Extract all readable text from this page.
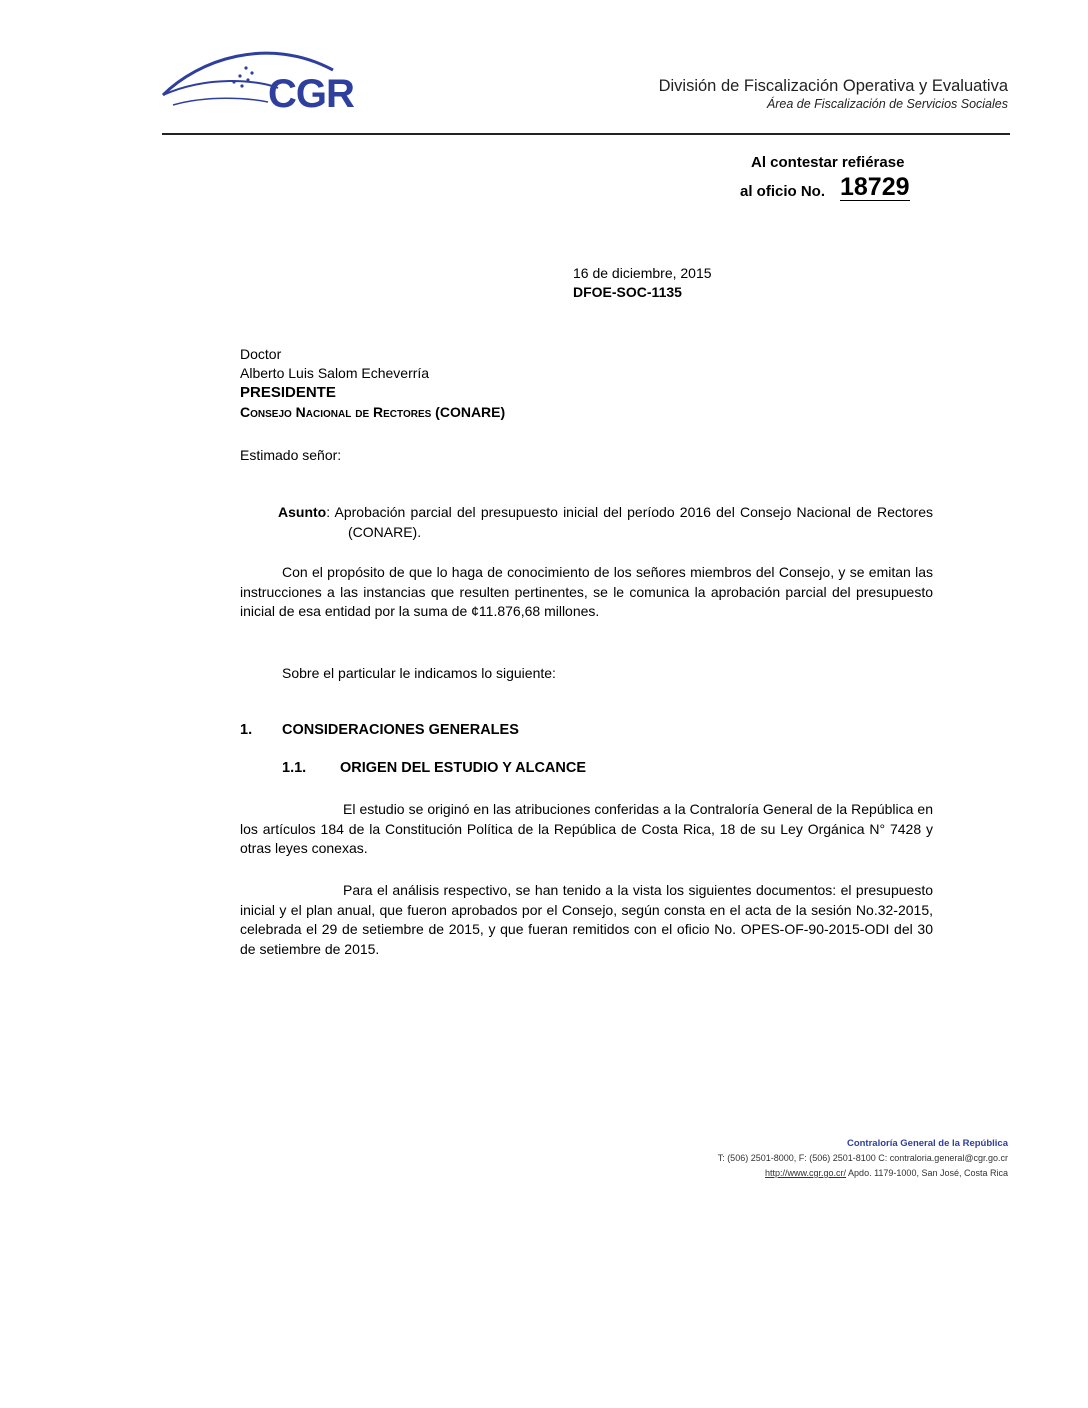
CGR	División de Fiscalización Operativa y Evaluativa
Área de Fiscalización de Servicios Sociales
Al contestar refiérase
al oficio No. 18729
16 de diciembre, 2015
DFOE-SOC-1135
Doctor
Alberto Luis Salom Echeverría
PRESIDENTE
Consejo Nacional de Rectores (CONARE)
Estimado señor:
Asunto: Aprobación parcial del presupuesto inicial del período 2016 del Consejo Nacional de Rectores (CONARE).
Con el propósito de que lo haga de conocimiento de los señores miembros del Consejo, y se emitan las instrucciones a las instancias que resulten pertinentes, se le comunica la aprobación parcial del presupuesto inicial de esa entidad por la suma de ¢11.876,68 millones.
Sobre el particular le indicamos lo siguiente:
1. CONSIDERACIONES GENERALES
1.1. ORIGEN DEL ESTUDIO Y ALCANCE
El estudio se originó en las atribuciones conferidas a la Contraloría General de la República en los artículos 184 de la Constitución Política de la República de Costa Rica, 18 de su Ley Orgánica N° 7428 y otras leyes conexas.
Para el análisis respectivo, se han tenido a la vista los siguientes documentos: el presupuesto inicial y el plan anual, que fueron aprobados por el Consejo, según consta en el acta de la sesión No.32-2015, celebrada el 29 de setiembre de 2015, y que fueran remitidos con el oficio No. OPES-OF-90-2015-ODI del 30 de setiembre de 2015.
Contraloría General de la República
T: (506) 2501-8000, F: (506) 2501-8100 C: contraloria.general@cgr.go.cr
http://www.cgr.go.cr/ Apdo. 1179-1000, San José, Costa Rica
